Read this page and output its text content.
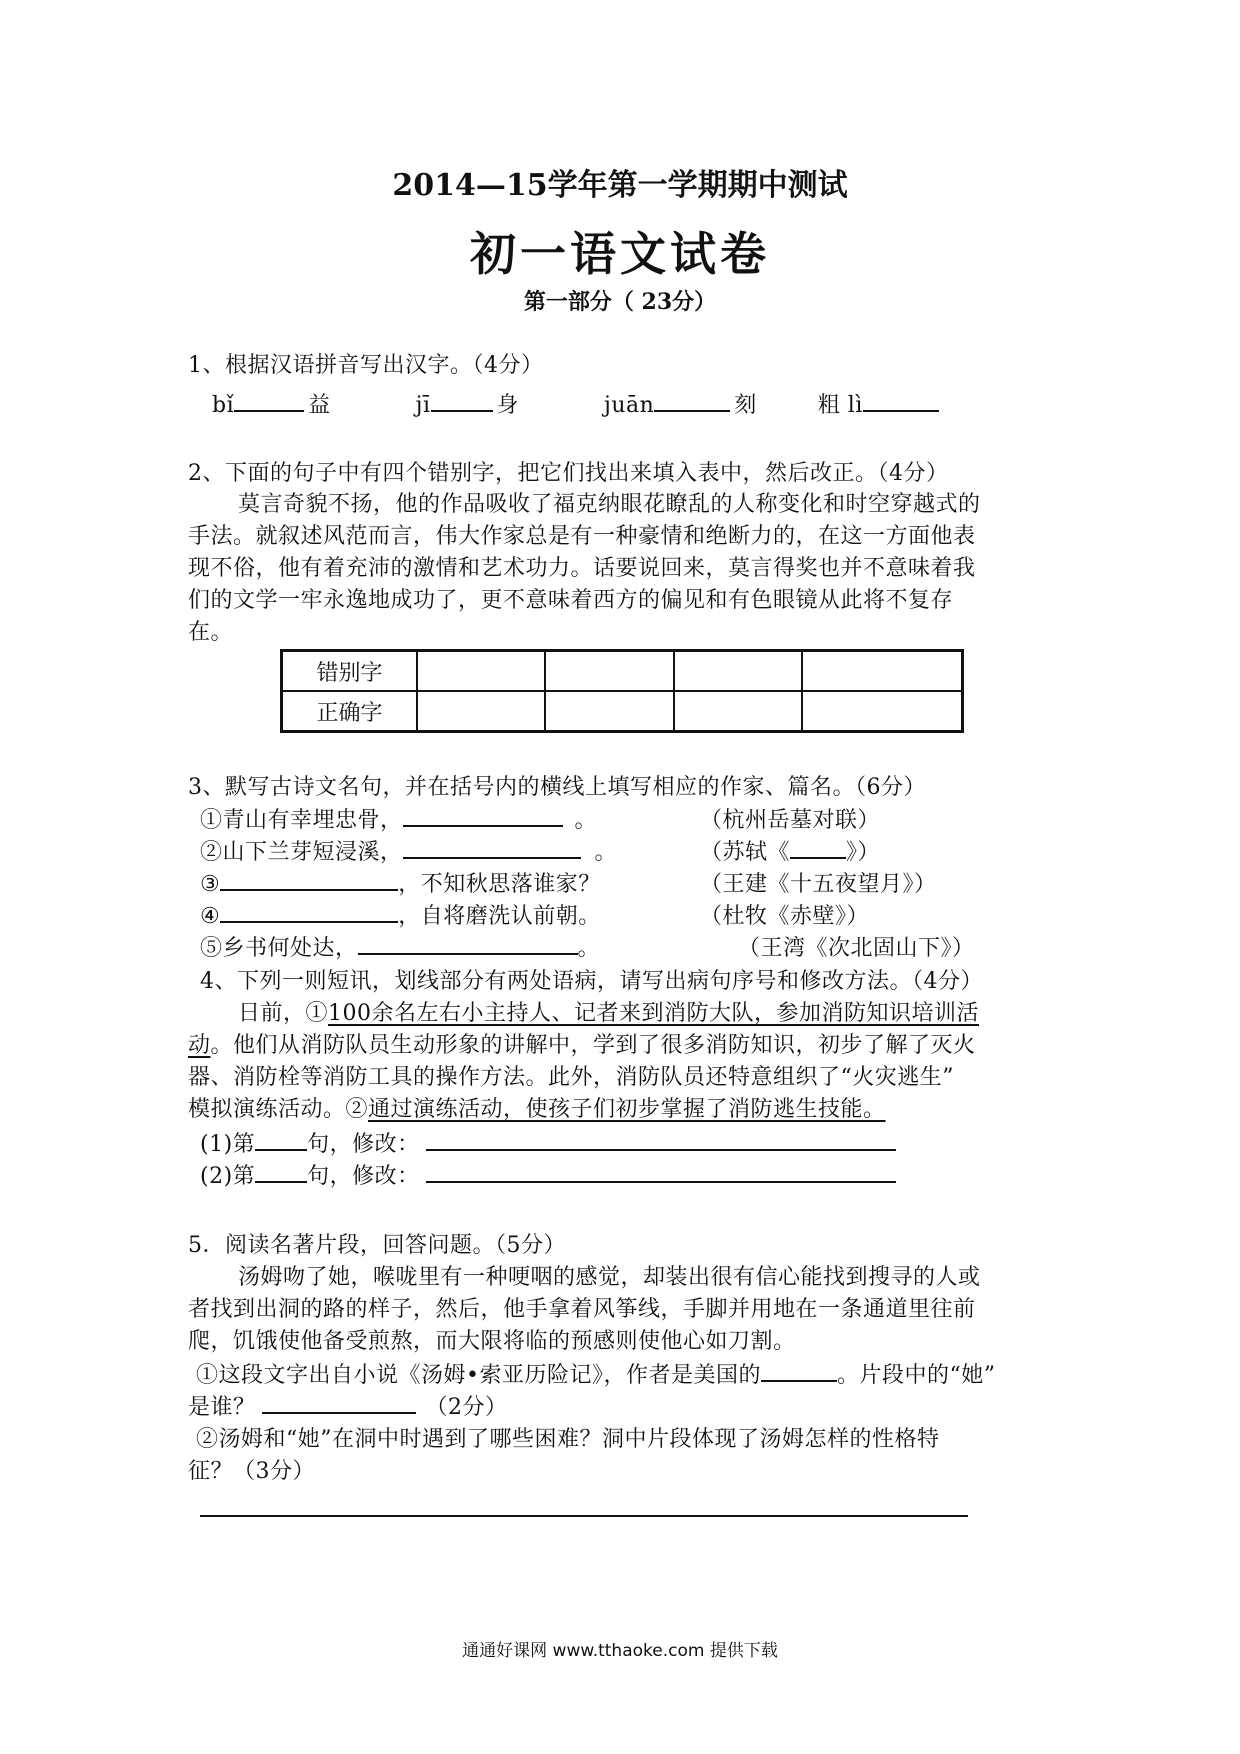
2014—15学年第一学期期中测试
初一语文试卷
第一部分（ 23分）
1、根据汉语拼音写出汉字。（4分）
bǐ	益	jī	身	juān	刻	粗 lì
2、下面的句子中有四个错别字，把它们找出来填入表中，然后改正。（4分）
莫言奇貌不扬，他的作品吸收了福克纳眼花瞭乱的人称变化和时空穿越式的
手法。就叙述风范而言，伟大作家总是有一种豪情和绝断力的，在这一方面他表
现不俗，他有着充沛的激情和艺术功力。话要说回来，莫言得奖也并不意味着我
们的文学一牢永逸地成功了，更不意味着西方的偏见和有色眼镜从此将不复存
在。
错别字				
正确字				
3、默写古诗文名句，并在括号内的横线上填写相应的作家、篇名。（6分）
①青山有幸埋忠骨，	。	（杭州岳墓对联）
②山下兰芽短浸溪，	。	（苏轼《	》）
③	，不知秋思落谁家？	（王建《十五夜望月》）
④	，自将磨洗认前朝。	（杜牧《赤壁》）
⑤乡书何处达，	。	（王湾《次北固山下》）
4、下列一则短讯，划线部分有两处语病，请写出病句序号和修改方法。（4分）
日前，①100余名左右小主持人、记者来到消防大队，参加消防知识培训活
动。他们从消防队员生动形象的讲解中，学到了很多消防知识，初步了解了灭火
器、消防栓等消防工具的操作方法。此外，消防队员还特意组织了“火灾逃生”
模拟演练活动。②通过演练活动，使孩子们初步掌握了消防逃生技能。
(1)第 句，修改：
(2)第 句，修改：
5．阅读名著片段，回答问题。（5分）
汤姆吻了她，喉咙里有一种哽咽的感觉，却装出很有信心能找到搜寻的人或
者找到出洞的路的样子，然后，他手拿着风筝线，手脚并用地在一条通道里往前
爬，饥饿使他备受煎熬，而大限将临的预感则使他心如刀割。
①这段文字出自小说《汤姆•索亚历险记》，作者是美国的	。片段中的“她”
是谁？	（2分）
②汤姆和“她”在洞中时遇到了哪些困难？洞中片段体现了汤姆怎样的性格特
征？（3分）
通通好课网 www.tthaoke.com 提供下载
